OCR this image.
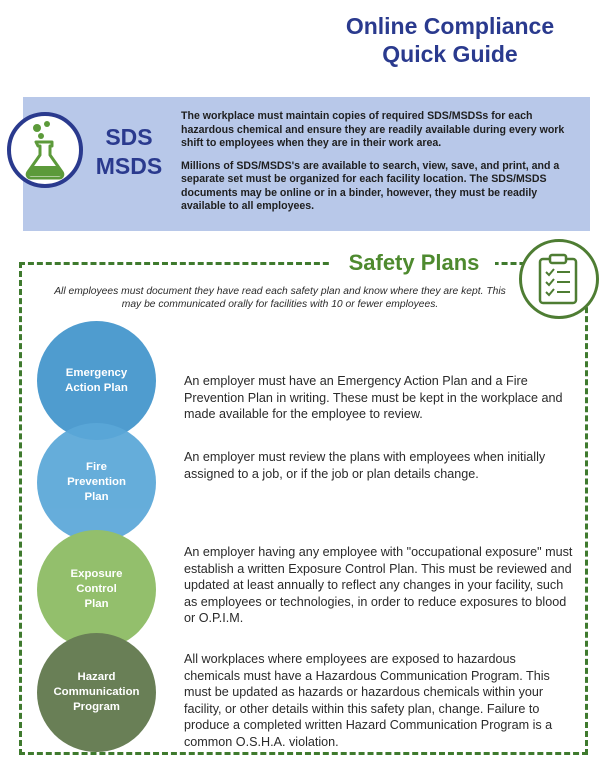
Online Compliance
Quick Guide
SDS
MSDS

The workplace must maintain copies of required SDS/MSDSs for each hazardous chemical and ensure they are readily available during every work shift to employees when they are in their work area.

Millions of SDS/MSDS's are available to search, view, save, and print, and a separate set must be organized for each facility location. The SDS/MSDS documents may be online or in a binder, however, they must be readily available to all employees.

Safety Plans
All employees must document they have read each safety plan and know where they are kept. This may be communicated orally for facilities with 10 or fewer employees.
Emergency
Action Plan
Fire
Prevention
Plan
Exposure
Control
Plan
Hazard
Communication
Program
An employer must have an Emergency Action Plan and a Fire Prevention Plan in writing. These must be kept in the workplace and made available for the employee to review.
An employer must review the plans with employees when initially assigned to a job, or if the job or plan details change.
An employer having any employee with "occupational exposure" must establish a written Exposure Control Plan. This must be reviewed and updated at least annually to reflect any changes in your facility, such as employees or technologies, in order to reduce exposures to blood or O.P.I.M.
All workplaces where employees are exposed to hazardous chemicals must have a Hazardous Communication Program. This must be updated as hazards or hazardous chemicals within your facility, or other details within this safety plan, change. Failure to produce a completed written Hazard Communication Program is a common O.S.H.A. violation.
